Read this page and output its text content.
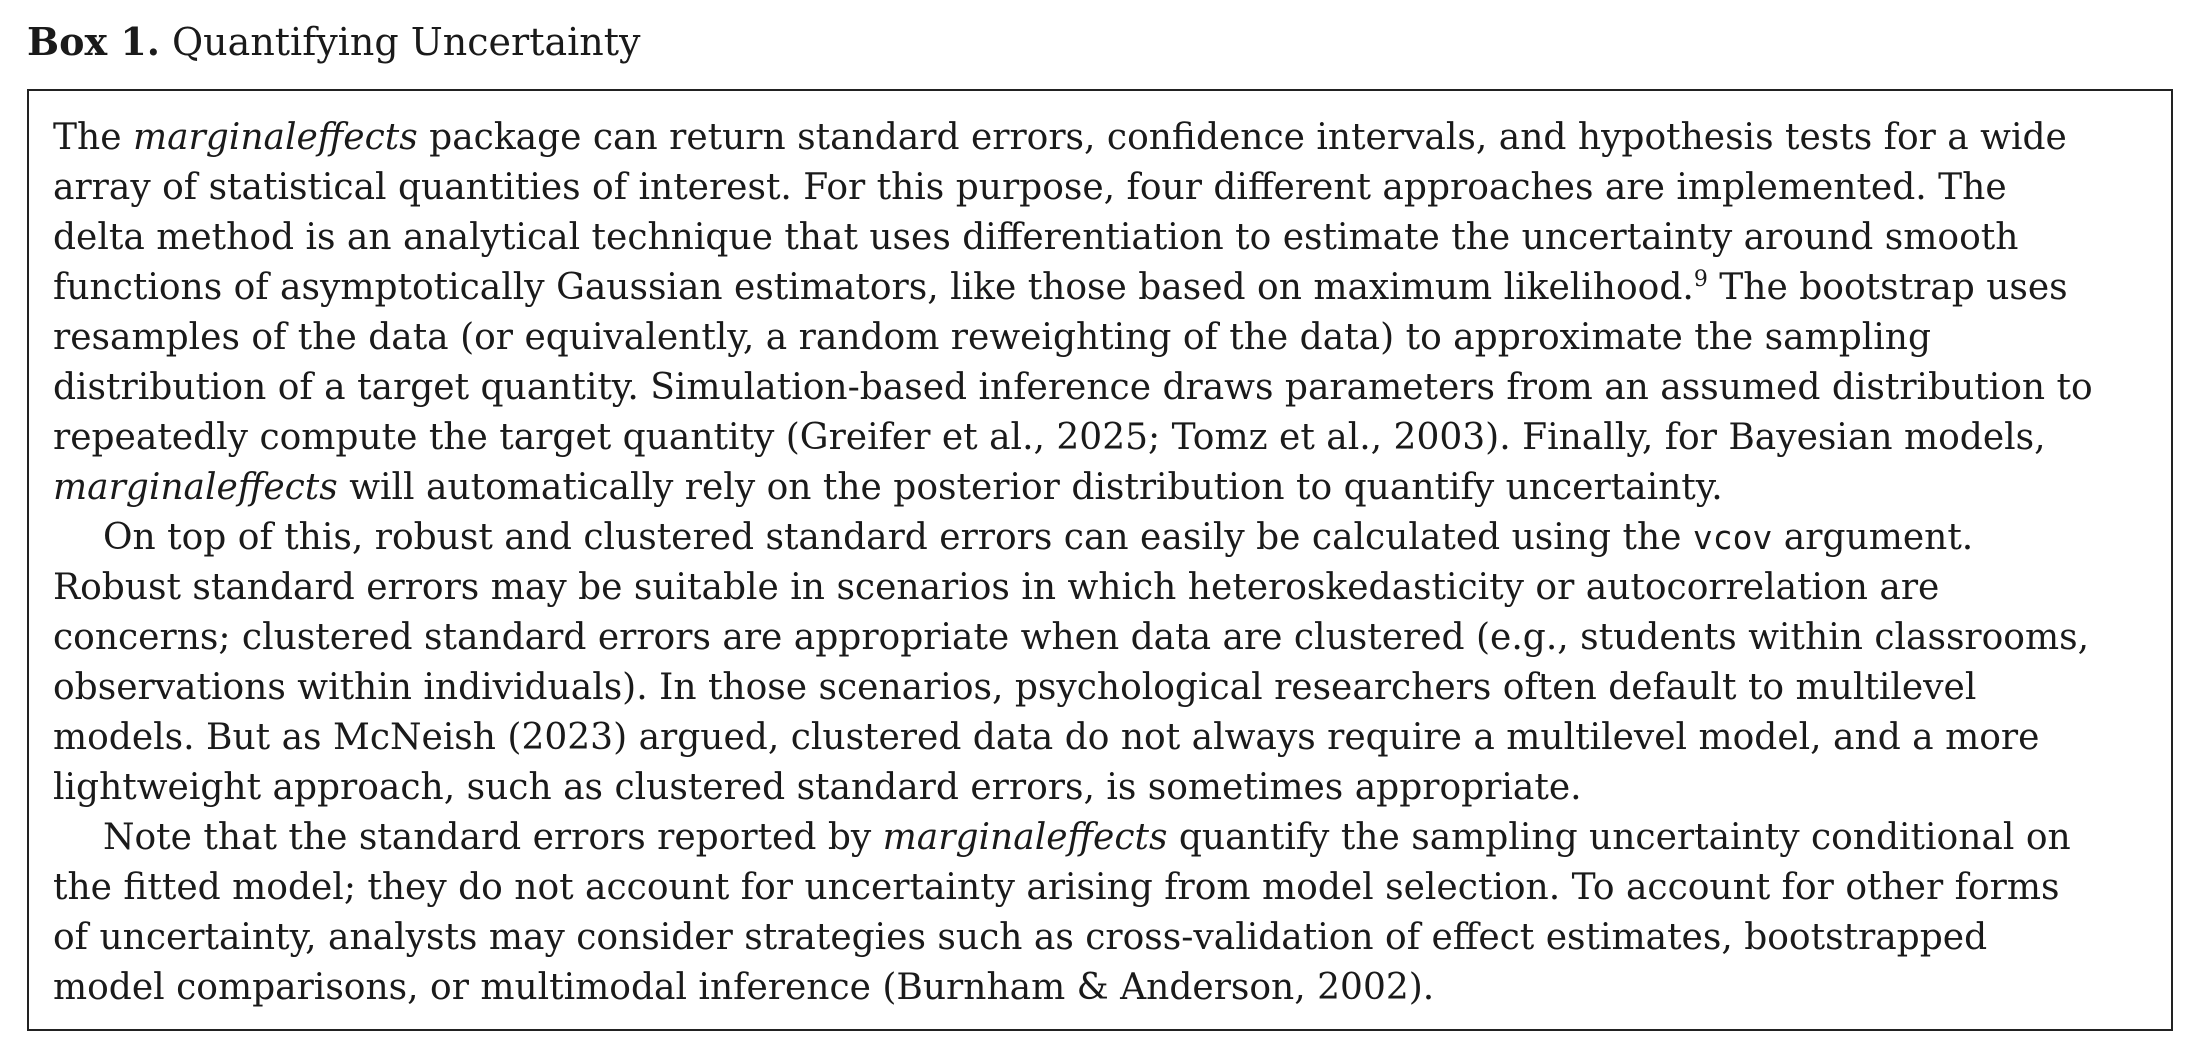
Box 1. Quantifying Uncertainty

The marginaleffects package can return standard errors, confidence intervals, and hypothesis tests for a wide
array of statistical quantities of interest. For this purpose, four different approaches are implemented. The
delta method is an analytical technique that uses differentiation to estimate the uncertainty around smooth
functions of asymptotically Gaussian estimators, like those based on maximum likelihood.$^9$ The bootstrap uses
resamples of the data (or equivalently, a random reweighting of the data) to approximate the sampling
distribution of a target quantity. Simulation-based inference draws parameters from an assumed distribution to
repeatedly compute the target quantity (Greifer et al., 2025; Tomz et al., 2003). Finally, for Bayesian models,
marginaleffects will automatically rely on the posterior distribution to quantify uncertainty.

On top of this, robust and clustered standard errors can easily be calculated using the vcov argument.
Robust standard errors may be suitable in scenarios in which heteroskedasticity or autocorrelation are
concerns; clustered standard errors are appropriate when data are clustered (e.g., students within classrooms,
observations within individuals). In those scenarios, psychological researchers often default to multilevel
models. But as McNeish (2023) argued, clustered data do not always require a multilevel model, and a more
lightweight approach, such as clustered standard errors, is sometimes appropriate.

Note that the standard errors reported by marginaleffects quantify the sampling uncertainty conditional on
the fitted model; they do not account for uncertainty arising from model selection. To account for other forms
of uncertainty, analysts may consider strategies such as cross-validation of effect estimates, bootstrapped
model comparisons, or multimodal inference (Burnham & Anderson, 2002).
